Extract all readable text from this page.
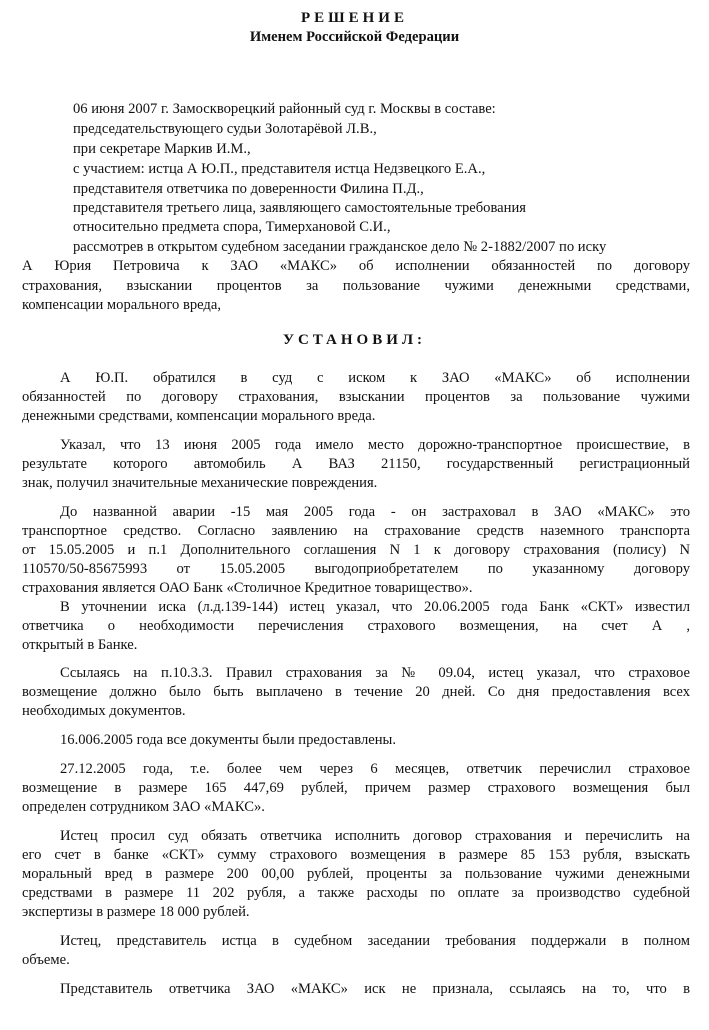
РЕШЕНИЕ
Именем Российской Федерации
06 июня 2007 г. Замоскворецкий районный суд г. Москвы в составе:
председательствующего судьи Золотарёвой Л.В.,
при секретаре Маркив И.М.,
с участием: истца А Ю.П., представителя истца Недзвецкого Е.А.,
представителя ответчика по доверенности Филина П.Д.,
представителя третьего лица, заявляющего самостоятельные требования
относительно предмета спора, Тимерхановой С.И.,
рассмотрев в открытом судебном заседании гражданское дело № 2-1882/2007 по иску
А Юрия Петровича к ЗАО «МАКС» об исполнении обязанностей по договору
страхования, взыскании процентов за пользование чужими денежными средствами,
компенсации морального вреда,
УСТАНОВИЛ:
А Ю.П. обратился в суд с иском к ЗАО «МАКС» об исполнении
обязанностей по договору страхования, взыскании процентов за пользование чужими
денежными средствами, компенсации морального вреда.
Указал, что 13 июня 2005 года имело место дорожно-транспортное происшествие, в
результате которого автомобиль А ВАЗ 21150, государственный регистрационный
знак, получил значительные механические повреждения.
До названной аварии -15 мая 2005 года - он застраховал в ЗАО «МАКС» это
транспортное средство. Согласно заявлению на страхование средств наземного транспорта
от 15.05.2005 и п.1 Дополнительного соглашения N 1 к договору страхования (полису) N
110570/50-85675993 от 15.05.2005 выгодоприобретателем по указанному договору
страхования является ОАО Банк «Столичное Кредитное товарищество».
В уточнении иска (л.д.139-144) истец указал, что 20.06.2005 года Банк «СКТ» известил
ответчика о необходимости перечисления страхового возмещения, на счет А ,
открытый в Банке.
Ссылаясь на п.10.3.3. Правил страхования за № 09.04, истец указал, что страховое
возмещение должно было быть выплачено в течение 20 дней. Со дня предоставления всех
необходимых документов.
16.006.2005 года все документы были предоставлены.
27.12.2005 года, т.е. более чем через 6 месяцев, ответчик перечислил страховое
возмещение в размере 165 447,69 рублей, причем размер страхового возмещения был
определен сотрудником ЗАО «МАКС».
Истец просил суд обязать ответчика исполнить договор страхования и перечислить на
его счет в банке «СКТ» сумму страхового возмещения в размере 85 153 рубля, взыскать
моральный вред в размере 200 00,00 рублей, проценты за пользование чужими денежными
средствами в размере 11 202 рубля, а также расходы по оплате за производство судебной
экспертизы в размере 18 000 рублей.
Истец, представитель истца в судебном заседании требования поддержали в полном
объеме.
Представитель ответчика ЗАО «МАКС» иск не признала, ссылаясь на то, что в
